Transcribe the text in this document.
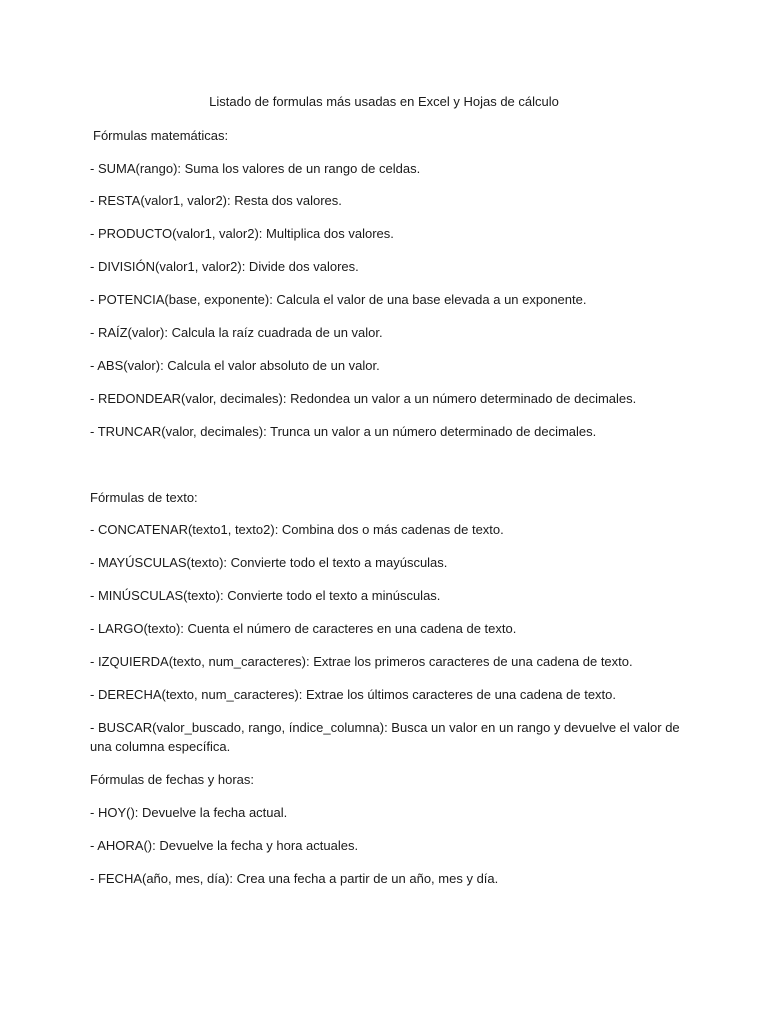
Listado de formulas más usadas en Excel y Hojas de cálculo
Fórmulas matemáticas:
- SUMA(rango): Suma los valores de un rango de celdas.
- RESTA(valor1, valor2): Resta dos valores.
- PRODUCTO(valor1, valor2): Multiplica dos valores.
- DIVISIÓN(valor1, valor2): Divide dos valores.
- POTENCIA(base, exponente): Calcula el valor de una base elevada a un exponente.
- RAÍZ(valor): Calcula la raíz cuadrada de un valor.
- ABS(valor): Calcula el valor absoluto de un valor.
- REDONDEAR(valor, decimales): Redondea un valor a un número determinado de decimales.
- TRUNCAR(valor, decimales): Trunca un valor a un número determinado de decimales.
Fórmulas de texto:
- CONCATENAR(texto1, texto2): Combina dos o más cadenas de texto.
- MAYÚSCULAS(texto): Convierte todo el texto a mayúsculas.
- MINÚSCULAS(texto): Convierte todo el texto a minúsculas.
- LARGO(texto): Cuenta el número de caracteres en una cadena de texto.
- IZQUIERDA(texto, num_caracteres): Extrae los primeros caracteres de una cadena de texto.
- DERECHA(texto, num_caracteres): Extrae los últimos caracteres de una cadena de texto.
- BUSCAR(valor_buscado, rango, índice_columna): Busca un valor en un rango y devuelve el valor de una columna específica.
Fórmulas de fechas y horas:
- HOY(): Devuelve la fecha actual.
- AHORA(): Devuelve la fecha y hora actuales.
- FECHA(año, mes, día): Crea una fecha a partir de un año, mes y día.
